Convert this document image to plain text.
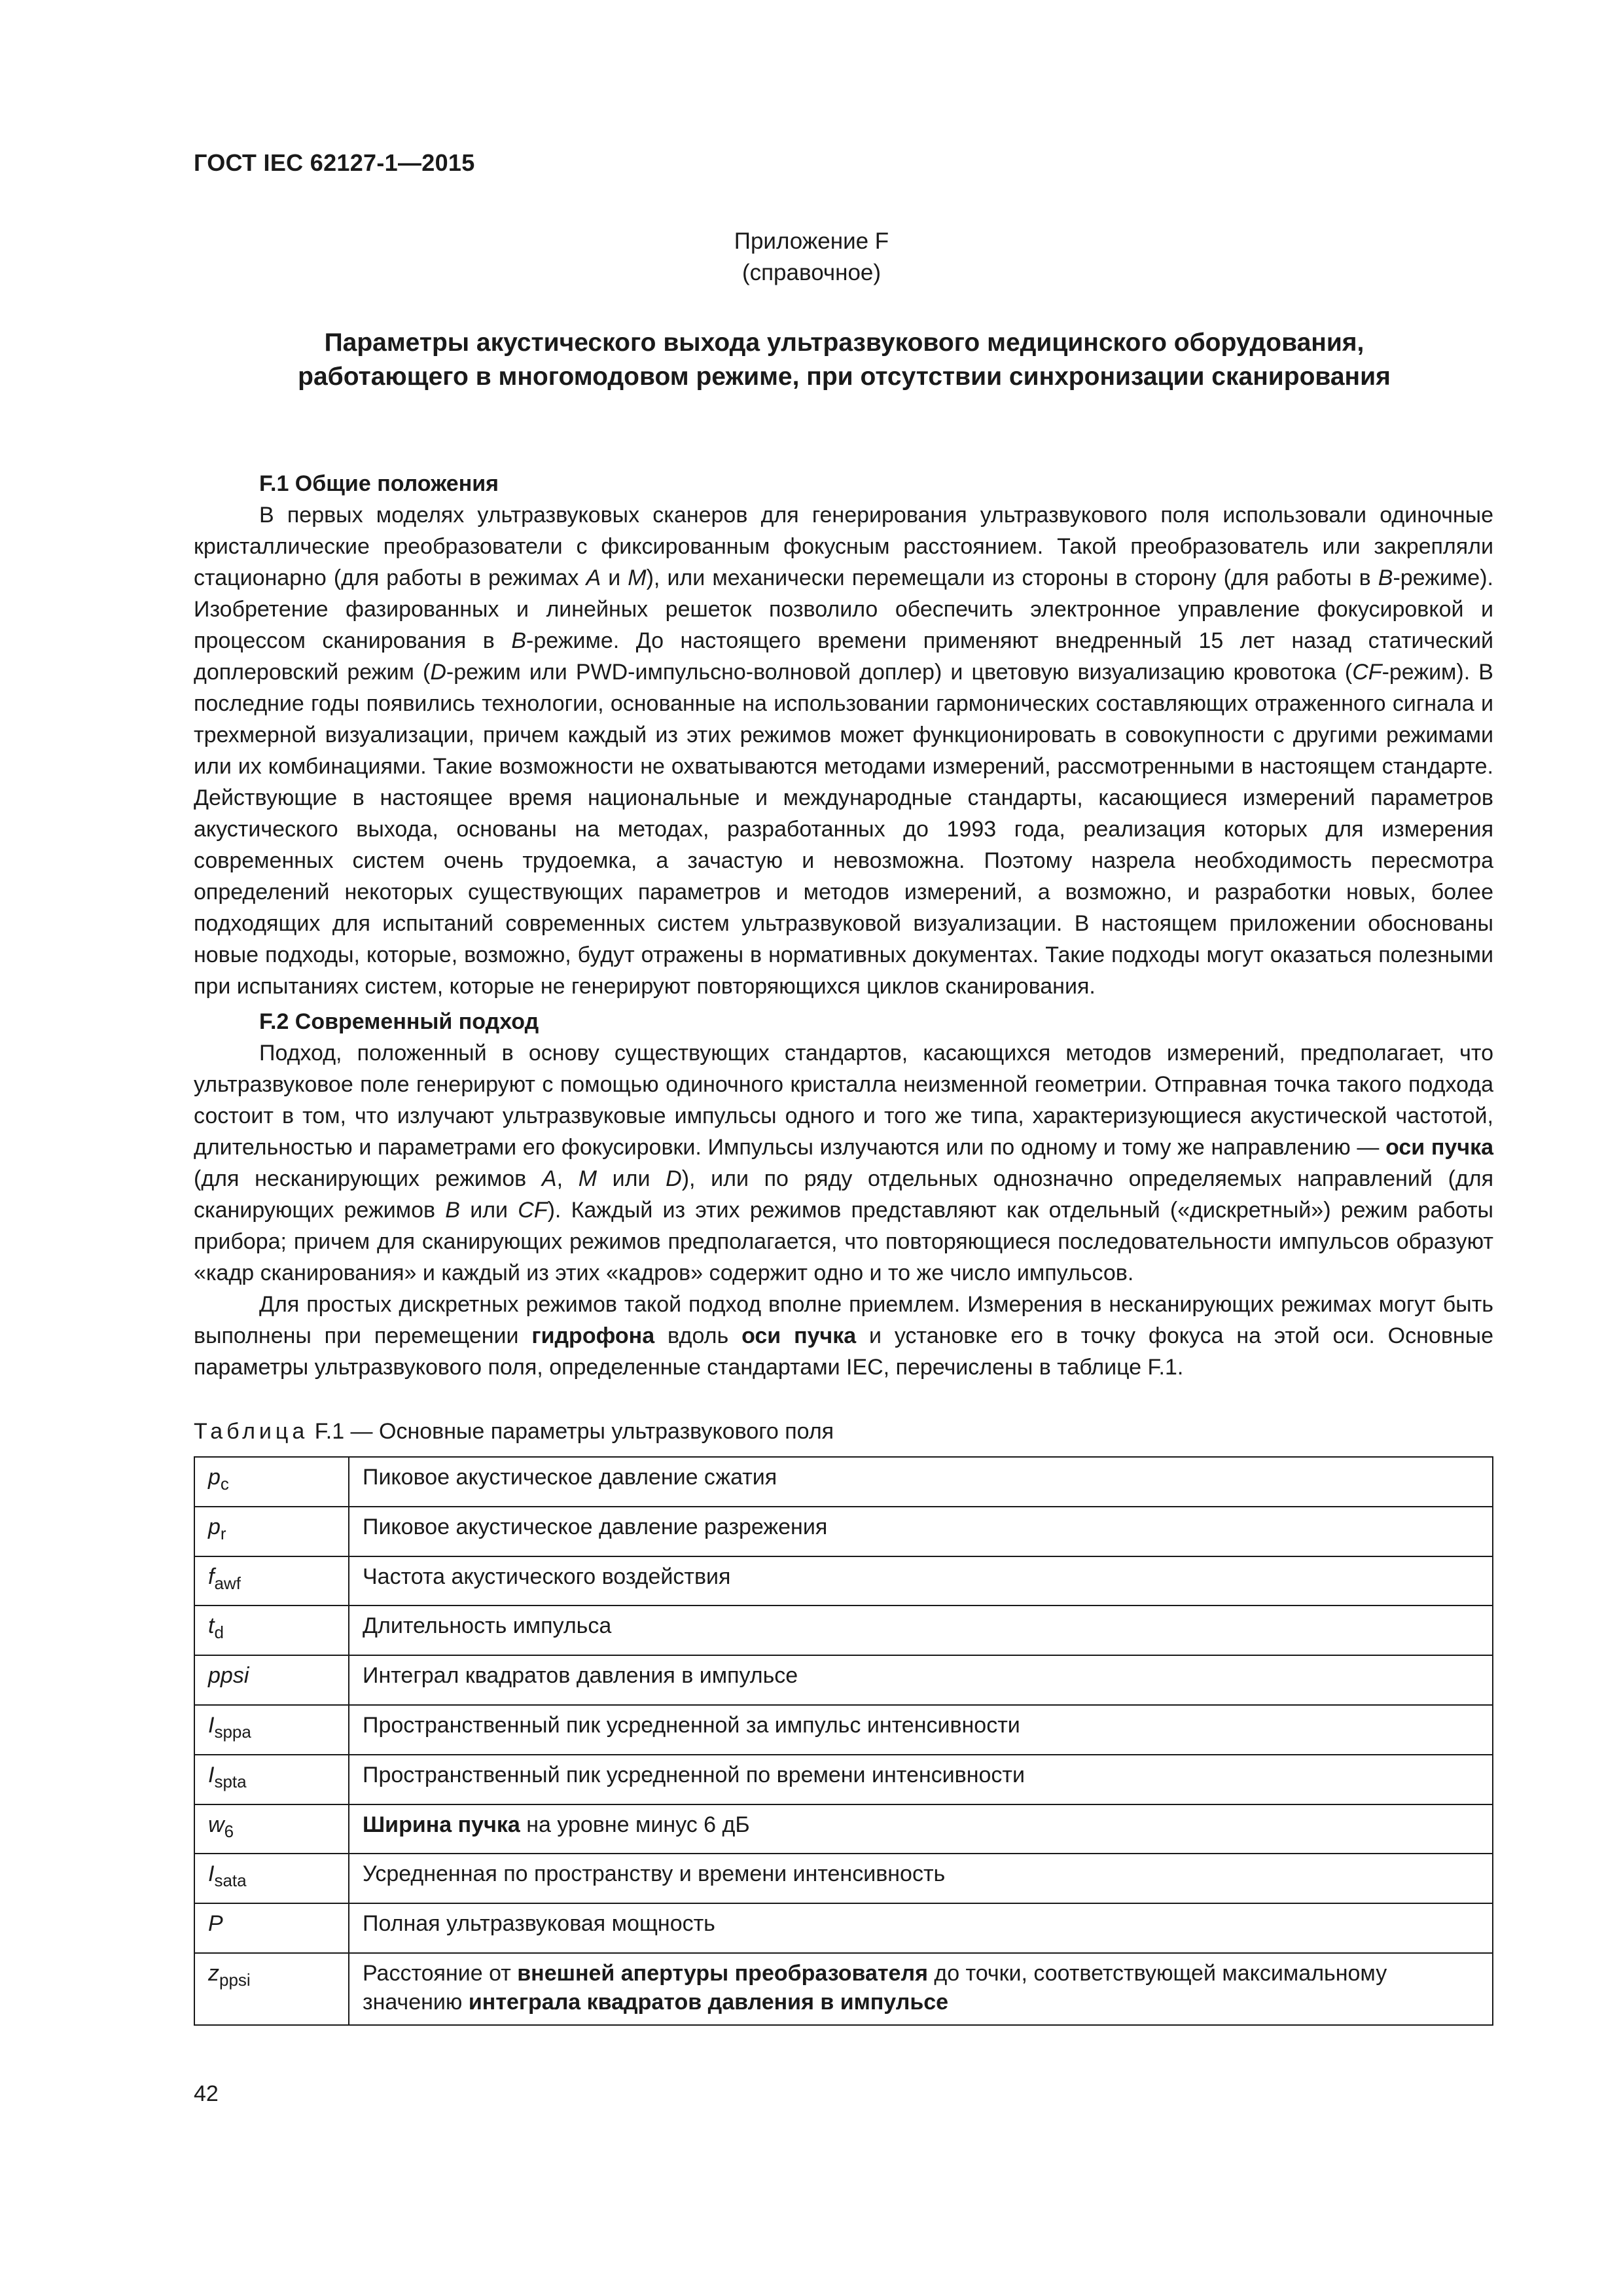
ГОСТ IEC 62127-1—2015
Приложение F
(справочное)
Параметры акустического выхода ультразвукового медицинского оборудования,
работающего в многомодовом режиме, при отсутствии синхронизации сканирования
F.1 Общие положения

В первых моделях ультразвуковых сканеров для генерирования ультразвукового поля использовали одиночные кристаллические преобразователи с фиксированным фокусным расстоянием. Такой преобразователь или закрепляли стационарно (для работы в режимах А и М), или механически перемещали из стороны в сторону (для работы в B-режиме). Изобретение фазированных и линейных решеток позволило обеспечить электронное управление фокусировкой и процессом сканирования в B-режиме. До настоящего времени применяют внедренный 15 лет назад статический доплеровский режим (D-режим или PWD-импульсно-волновой доплер) и цветовую визуализацию кровотока (CF-режим). В последние годы появились технологии, основанные на использовании гармонических составляющих отраженного сигнала и трехмерной визуализации, причем каждый из этих режимов может функционировать в совокупности с другими режимами или их комбинациями. Такие возможности не охватываются методами измерений, рассмотренными в настоящем стандарте. Действующие в настоящее время национальные и международные стандарты, касающиеся измерений параметров акустического выхода, основаны на методах, разработанных до 1993 года, реализация которых для измерения современных систем очень трудоемка, а зачастую и невозможна. Поэтому назрела необходимость пересмотра определений некоторых существующих параметров и методов измерений, а возможно, и разработки новых, более подходящих для испытаний современных систем ультразвуковой визуализации. В настоящем приложении обоснованы новые подходы, которые, возможно, будут отражены в нормативных документах. Такие подходы могут оказаться полезными при испытаниях систем, которые не генерируют повторяющихся циклов сканирования.

F.2 Современный подход

Подход, положенный в основу существующих стандартов, касающихся методов измерений, предполагает, что ультразвуковое поле генерируют с помощью одиночного кристалла неизменной геометрии. Отправная точка такого подхода состоит в том, что излучают ультразвуковые импульсы одного и того же типа, характеризующиеся акустической частотой, длительностью и параметрами его фокусировки. Импульсы излучаются или по одному и тому же направлению — оси пучка (для несканирующих режимов А, М или D), или по ряду отдельных однозначно определяемых направлений (для сканирующих режимов B или CF). Каждый из этих режимов представляют как отдельный («дискретный») режим работы прибора; причем для сканирующих режимов предполагается, что повторяющиеся последовательности импульсов образуют «кадр сканирования» и каждый из этих «кадров» содержит одно и то же число импульсов.

Для простых дискретных режимов такой подход вполне приемлем. Измерения в несканирующих режимах могут быть выполнены при перемещении гидрофона вдоль оси пучка и установке его в точку фокуса на этой оси. Основные параметры ультразвукового поля, определенные стандартами IEC, перечислены в таблице F.1.

Таблица F.1 — Основные параметры ультразвукового поля
$p_c$	Пиковое акустическое давление сжатия
$p_r$	Пиковое акустическое давление разрежения
$f_{awf}$	Частота акустического воздействия
$t_d$	Длительность импульса
ppsi	Интеграл квадратов давления в импульсе
$I_{sppa}$	Пространственный пик усредненной за импульс интенсивности
$I_{spta}$	Пространственный пик усредненной по времени интенсивности
$w_6$	Ширина пучка на уровне минус 6 дБ
$I_{sata}$	Усредненная по пространству и времени интенсивность
P	Полная ультразвуковая мощность
$z_{ppsi}$	Расстояние от внешней апертуры преобразователя до точки, соответствующей максимальному значению интеграла квадратов давления в импульсе
42
